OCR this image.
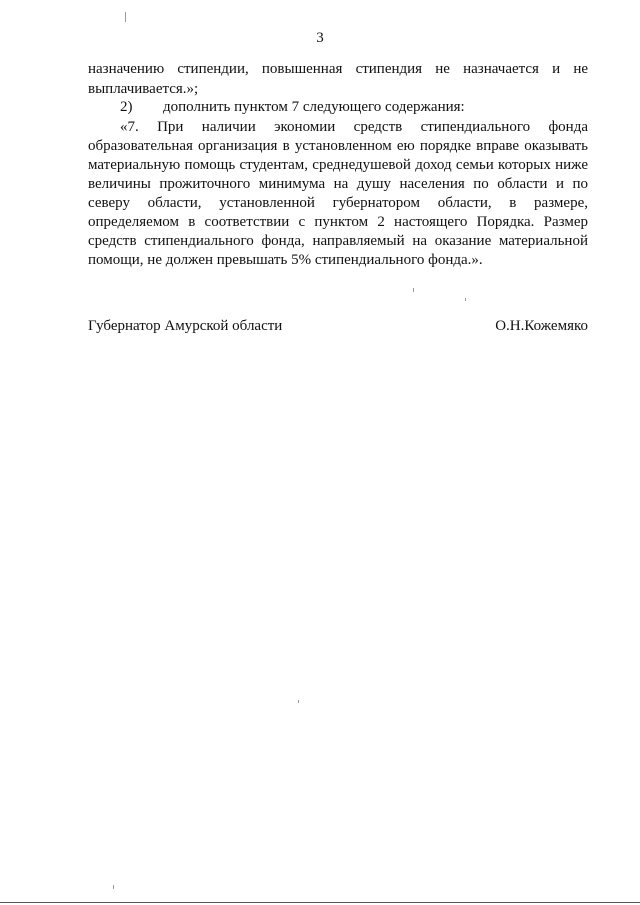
3
назначению стипендии, повышенная стипендия не назначается и не
выплачивается.»;
2) дополнить пунктом 7 следующего содержания:
«7. При наличии экономии средств стипендиального фонда
образовательная организация в установленном ею порядке вправе оказывать
материальную помощь студентам, среднедушевой доход семьи которых ниже
величины прожиточного минимума на душу населения по области и по
северу области, установленной губернатором области, в размере,
определяемом в соответствии с пунктом 2 настоящего Порядка. Размер
средств стипендиального фонда, направляемый на оказание материальной
помощи, не должен превышать 5% стипендиального фонда.».
Губернатор Амурской области	О.Н.Кожемяко
